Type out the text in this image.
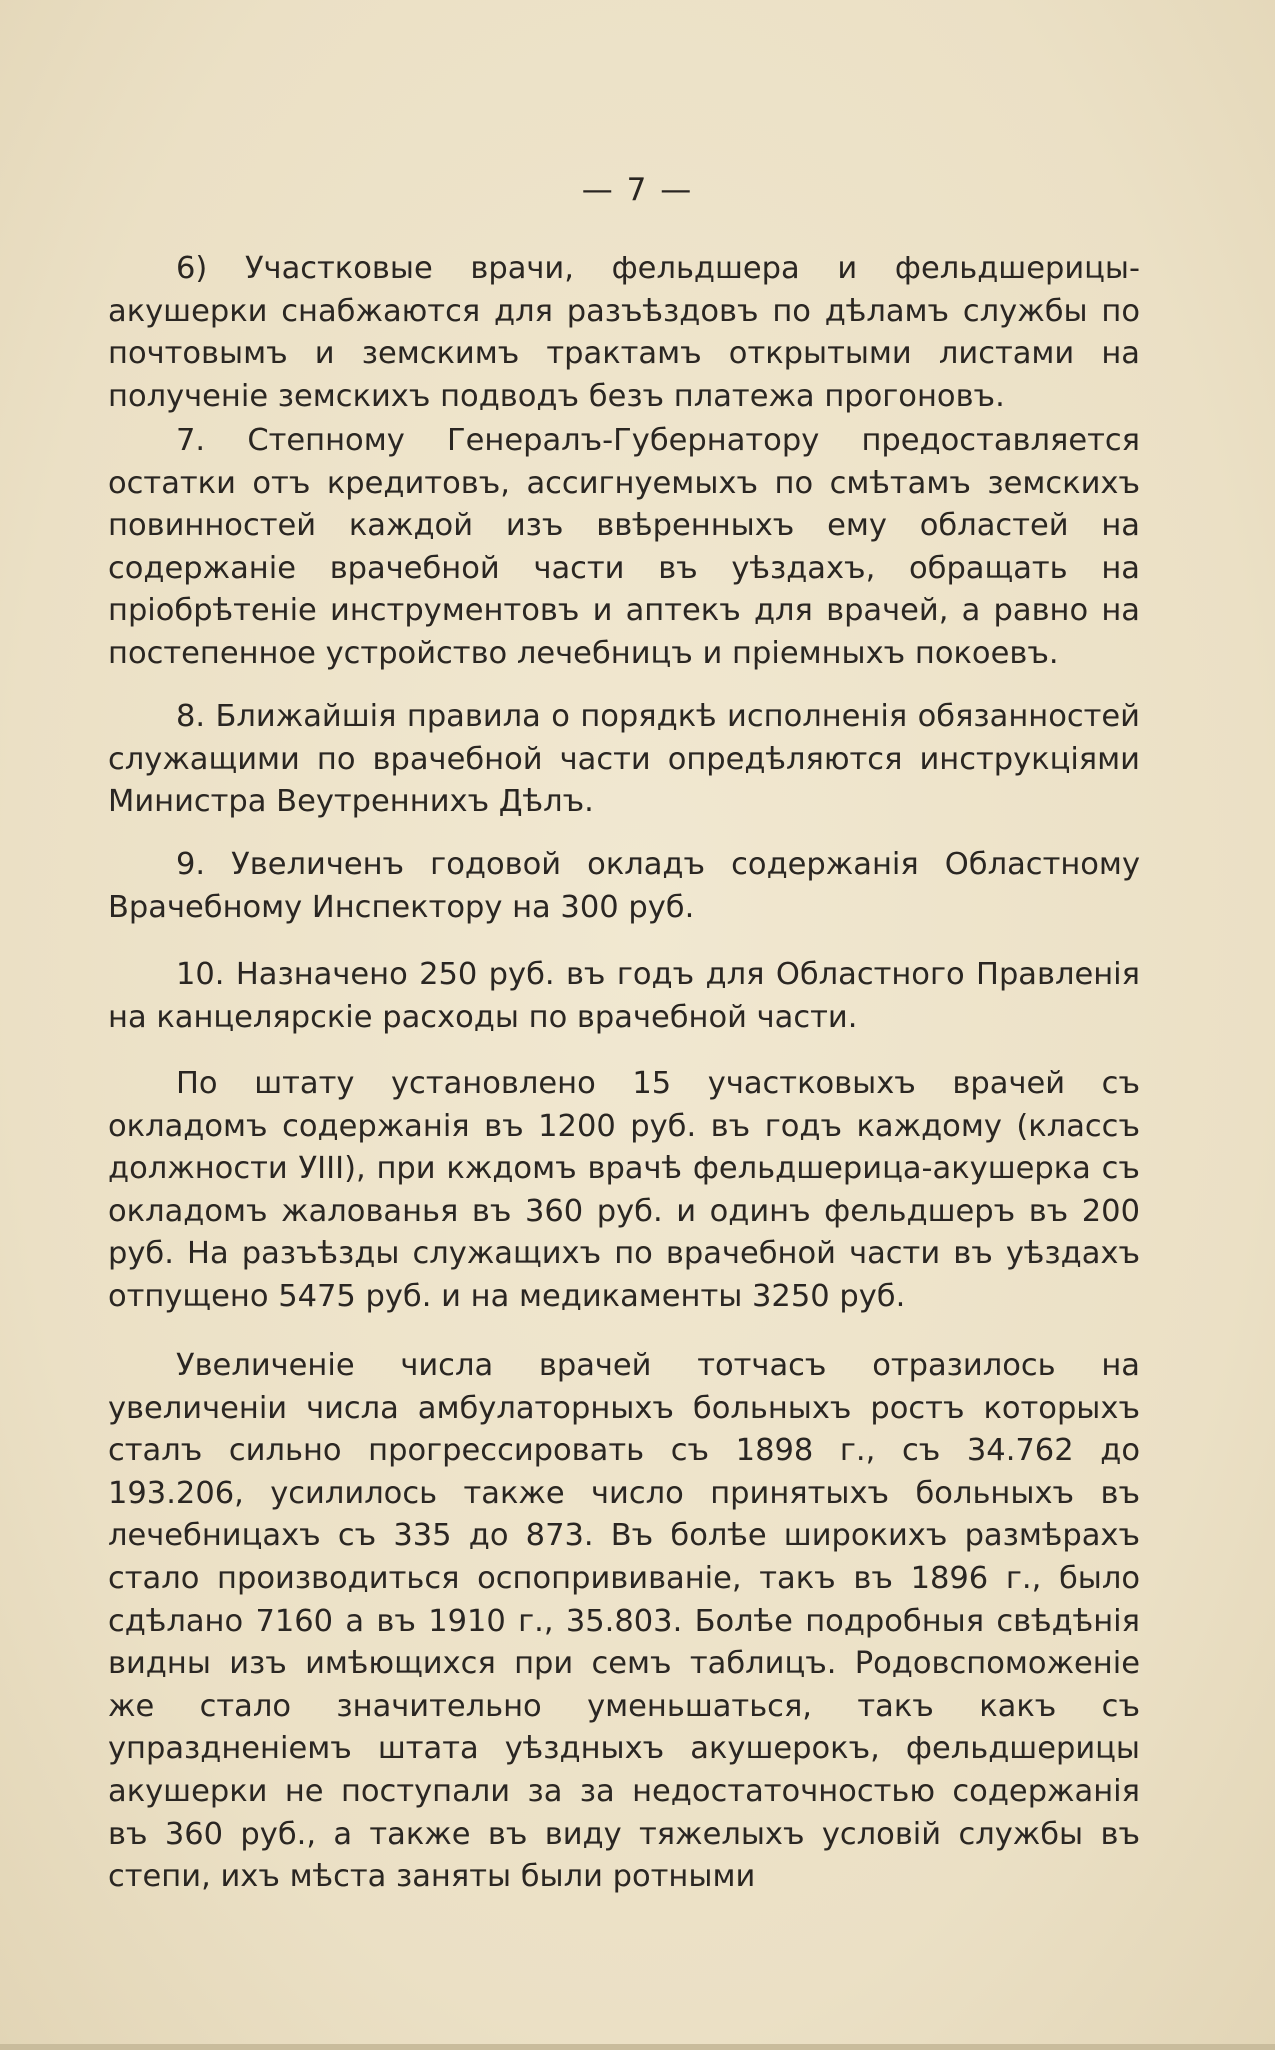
— 7 —

6) Участковые врачи, фельдшера и фельдшерицы-акушерки снабжаются для разъѣздовъ по дѣламъ службы по почтовымъ и земскимъ трактамъ открытыми листами на полученіе земскихъ подводъ безъ платежа прогоновъ.

7. Степному Генералъ-Губернатору предоставляется остатки отъ кредитовъ, ассигнуемыхъ по смѣтамъ земскихъ повинностей каждой изъ ввѣренныхъ ему областей на содержаніе врачебной части въ уѣздахъ, обращать на пріобрѣтеніе инструментовъ и аптекъ для врачей, а равно на постепенное устройство лечебницъ и пріемныхъ покоевъ.

8. Ближайшія правила о порядкѣ исполненія обязанностей служащими по врачебной части опредѣляются инструкціями Министра Веутреннихъ Дѣлъ.

9. Увеличенъ годовой окладъ содержанія Областному Врачебному Инспектору на 300 руб.

10. Назначено 250 руб. въ годъ для Областного Правленія на канцелярскіе расходы по врачебной части.

По штату установлено 15 участковыхъ врачей съ окладомъ содержанія въ 1200 руб. въ годъ каждому (классъ должности УIII), при кждомъ врачѣ фельдшерица-акушерка съ окладомъ жалованья въ 360 руб. и одинъ фельдшеръ въ 200 руб. На разъѣзды служащихъ по врачебной части въ уѣздахъ отпущено 5475 руб. и на медикаменты 3250 руб.

Увеличеніе числа врачей тотчасъ отразилось на увеличеніи числа амбулаторныхъ больныхъ ростъ которыхъ сталъ сильно прогрессировать съ 1898 г., съ 34.762 до 193.206, усилилось также число принятыхъ больныхъ въ лечебницахъ съ 335 до 873. Въ болѣе широкихъ размѣрахъ стало производиться оспопрививаніе, такъ въ 1896 г., было сдѣлано 7160 а въ 1910 г., 35.803. Болѣе подробныя свѣдѣнія видны изъ имѣющихся при семъ таблицъ. Родовспоможеніе же стало значительно уменьшаться, такъ какъ съ упраздненіемъ штата уѣздныхъ акушерокъ, фельдшерицы акушерки не поступали за за недостаточностью содержанія въ 360 руб., а также въ виду тяжелыхъ условій службы въ степи, ихъ мѣста заняты были ротными
